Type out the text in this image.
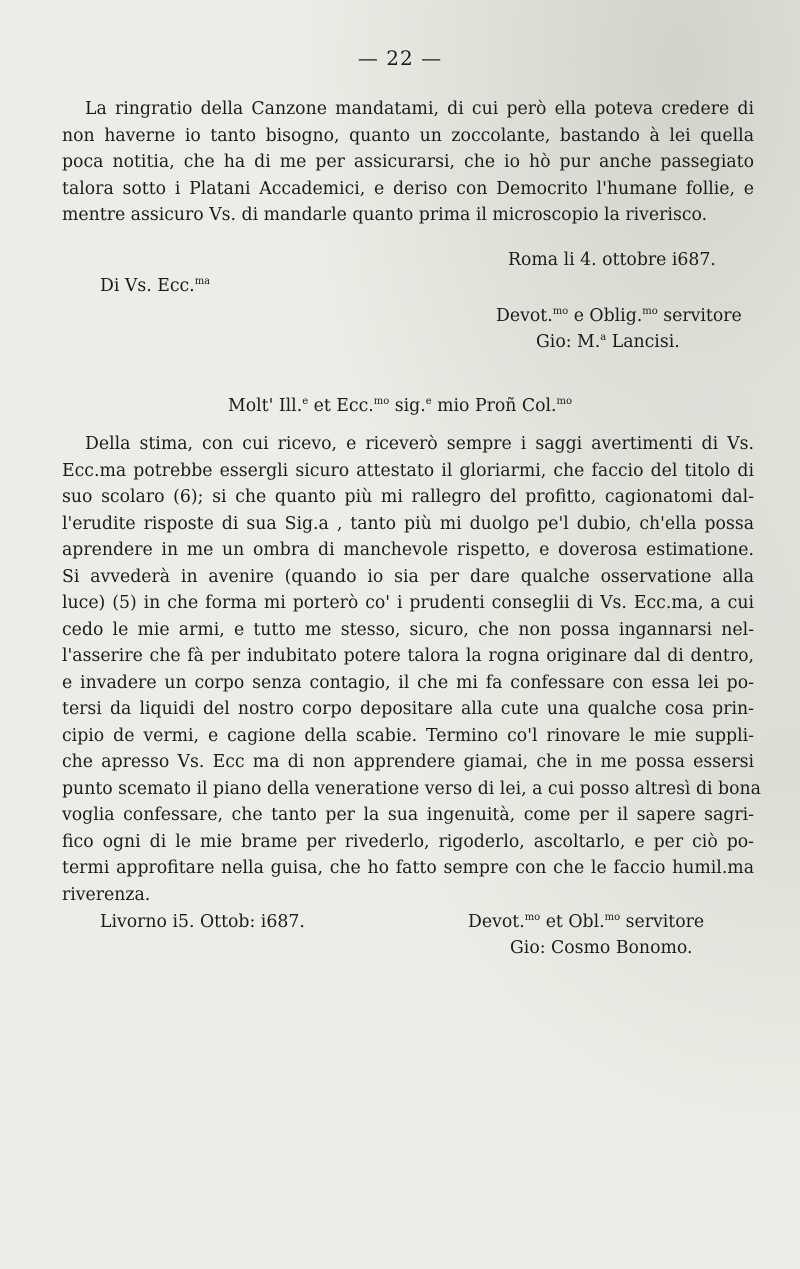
— 22 —
La ringratio della Canzone mandatami, di cui però ella poteva credere di
non haverne io tanto bisogno, quanto un zoccolante, bastando à lei quella
poca notitia, che ha di me per assicurarsi, che io hò pur anche passegiato
talora sotto i Platani Accademici, e deriso con Democrito l'humane follie, e
mentre assicuro Vs. di mandarle quanto prima il microscopio la riverisco.
Roma li 4. ottobre i687.
Di Vs. Ecc.$^{ma}$
Devot.$^{mo}$ e Oblig.$^{mo}$ servitore
Gio: M.$^a$ Lancisi.
Molt' Ill.$^e$ et Ecc.$^{mo}$ sig.$^e$ mio Proñ Col.$^{mo}$
Della stima, con cui ricevo, e riceverò sempre i saggi avertimenti di Vs.
Ecc.ma potrebbe essergli sicuro attestato il gloriarmi, che faccio del titolo di
suo scolaro (6); si che quanto più mi rallegro del profitto, cagionatomi dal-
l'erudite risposte di sua Sig.a , tanto più mi duolgo pe'l dubio, ch'ella possa
aprendere in me un ombra di manchevole rispetto, e doverosa estimatione.
Si avvederà in avenire (quando io sia per dare qualche osservatione alla
luce) (5) in che forma mi porterò co' i prudenti conseglii di Vs. Ecc.ma, a cui
cedo le mie armi, e tutto me stesso, sicuro, che non possa ingannarsi nel-
l'asserire che fà per indubitato potere talora la rogna originare dal di dentro,
e invadere un corpo senza contagio, il che mi fa confessare con essa lei po-
tersi da liquidi del nostro corpo depositare alla cute una qualche cosa prin-
cipio de vermi, e cagione della scabie. Termino co'l rinovare le mie suppli-
che apresso Vs. Ecc ma di non apprendere giamai, che in me possa essersi
punto scemato il piano della veneratione verso di lei, a cui posso altresì di bona
voglia confessare, che tanto per la sua ingenuità, come per il sapere sagri-
fico ogni di le mie brame per rivederlo, rigoderlo, ascoltarlo, e per ciò po-
termi approfitare nella guisa, che ho fatto sempre con che le faccio humil.ma
riverenza.
Livorno i5. Ottob: i687.	Devot.$^{mo}$ et Obl.$^{mo}$ servitore
Gio: Cosmo Bonomo.
